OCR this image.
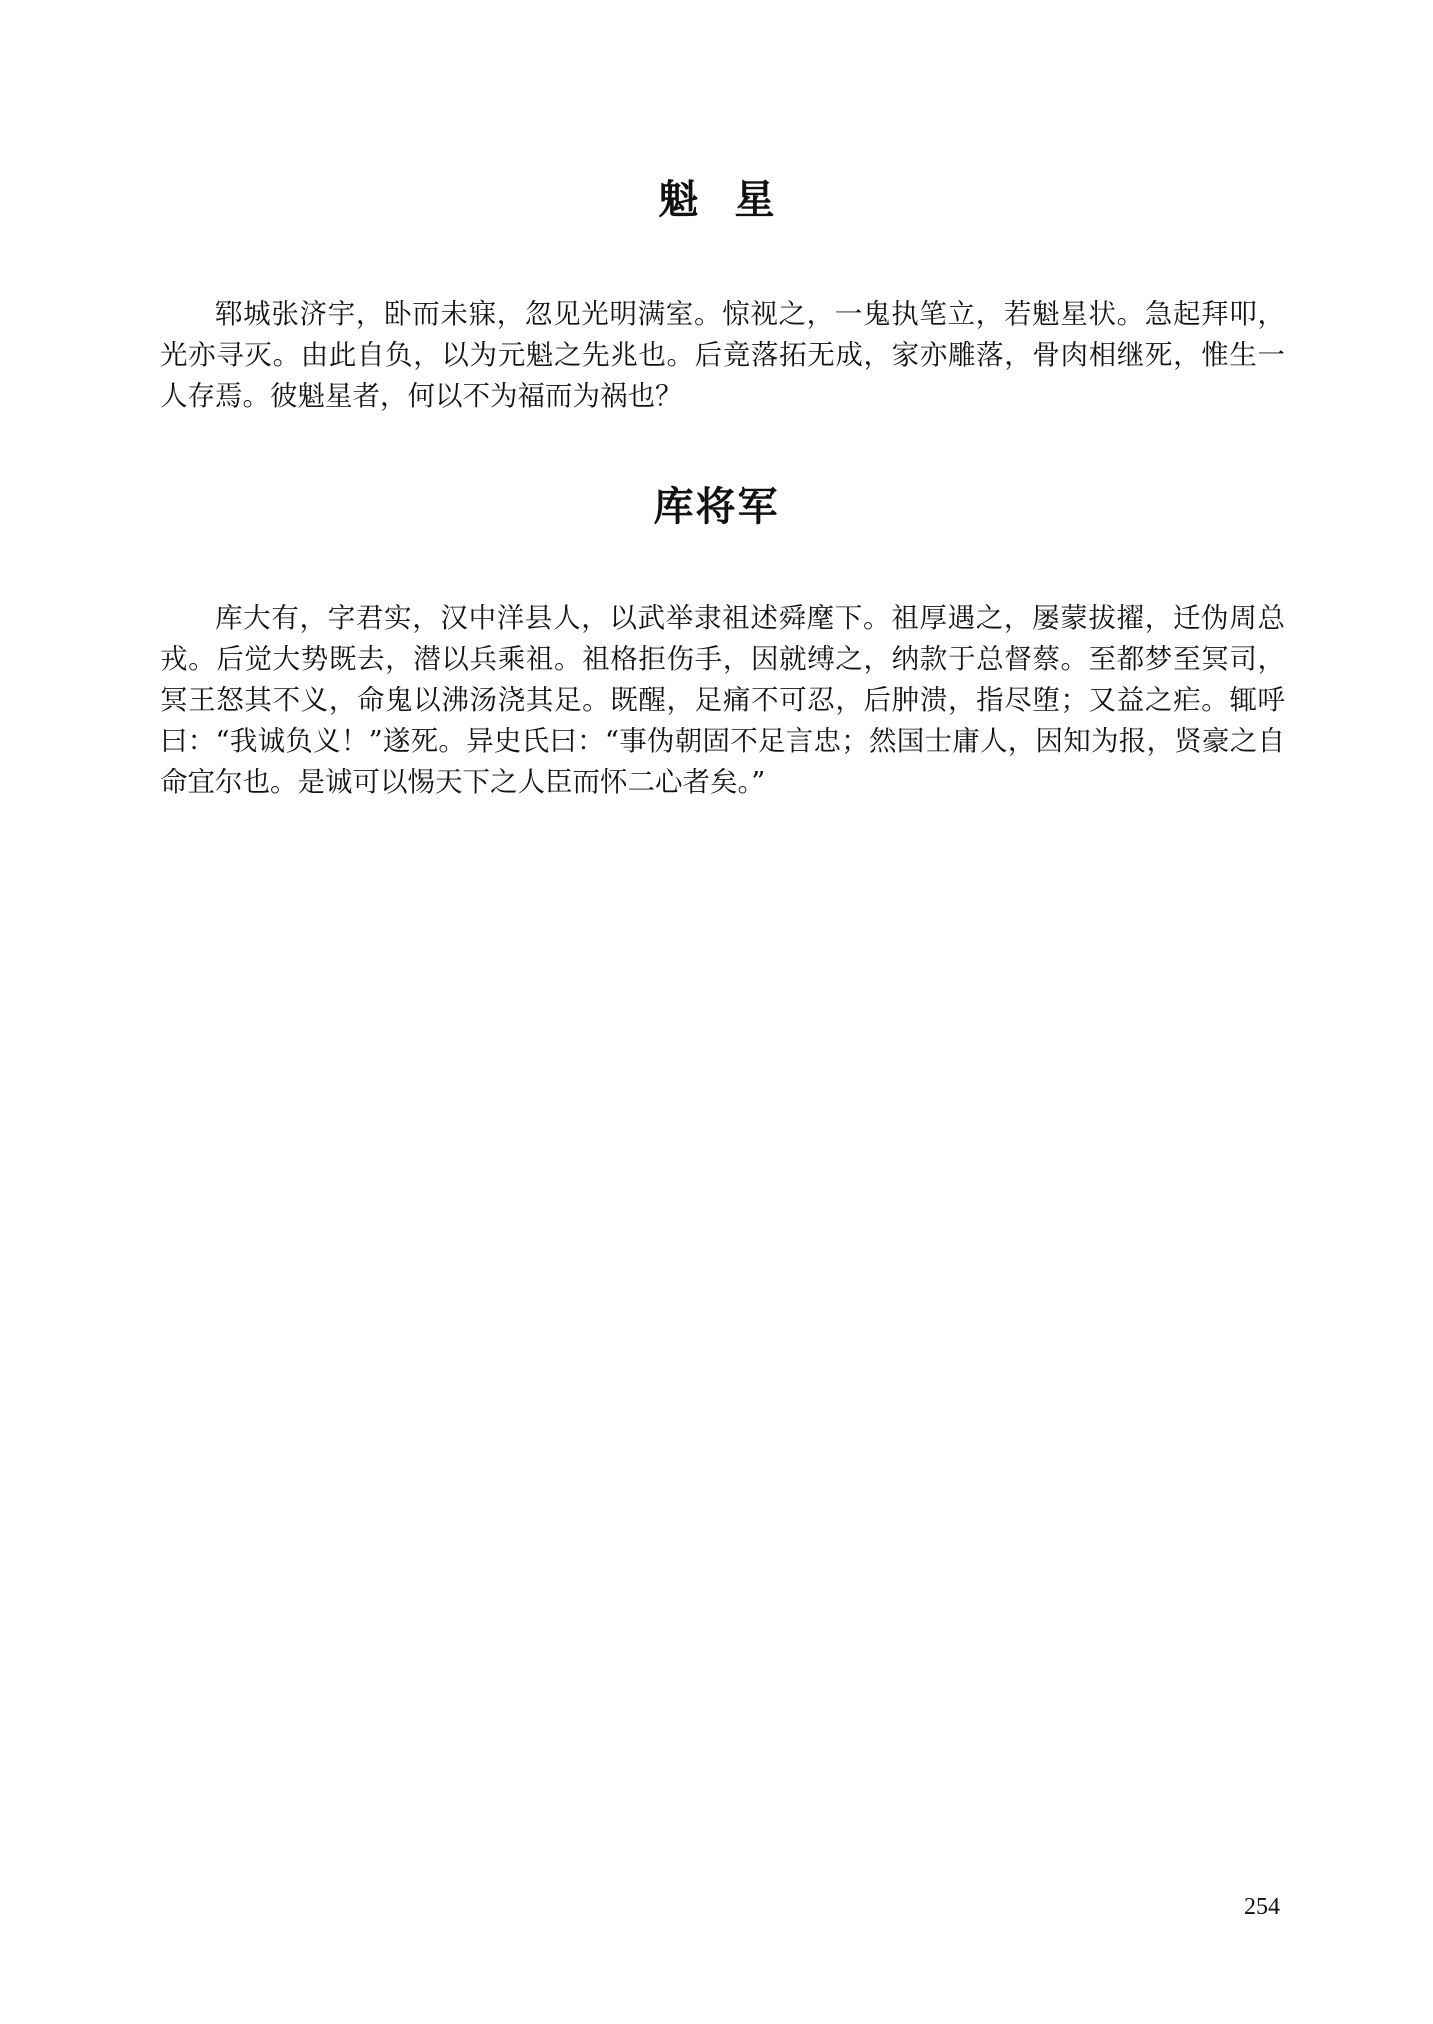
魁星

郓城张济宇，卧而未寐，忽见光明满室。惊视之，一鬼执笔立，若魁星状。急起拜叩，光亦寻灭。由此自负，以为元魁之先兆也。后竟落拓无成，家亦雕落，骨肉相继死，惟生一人存焉。彼魁星者，何以不为福而为祸也？

库将军

库大有，字君实，汉中洋县人，以武举隶祖述舜麾下。祖厚遇之，屡蒙拔擢，迁伪周总戎。后觉大势既去，潜以兵乘祖。祖格拒伤手，因就缚之，纳款于总督蔡。至都梦至冥司，冥王怒其不义，命鬼以沸汤浇其足。既醒，足痛不可忍，后肿溃，指尽堕；又益之疟。辄呼曰：“我诚负义！”遂死。异史氏曰：“事伪朝固不足言忠；然国士庸人，因知为报，贤豪之自命宜尔也。是诚可以惕天下之人臣而怀二心者矣。”

254
